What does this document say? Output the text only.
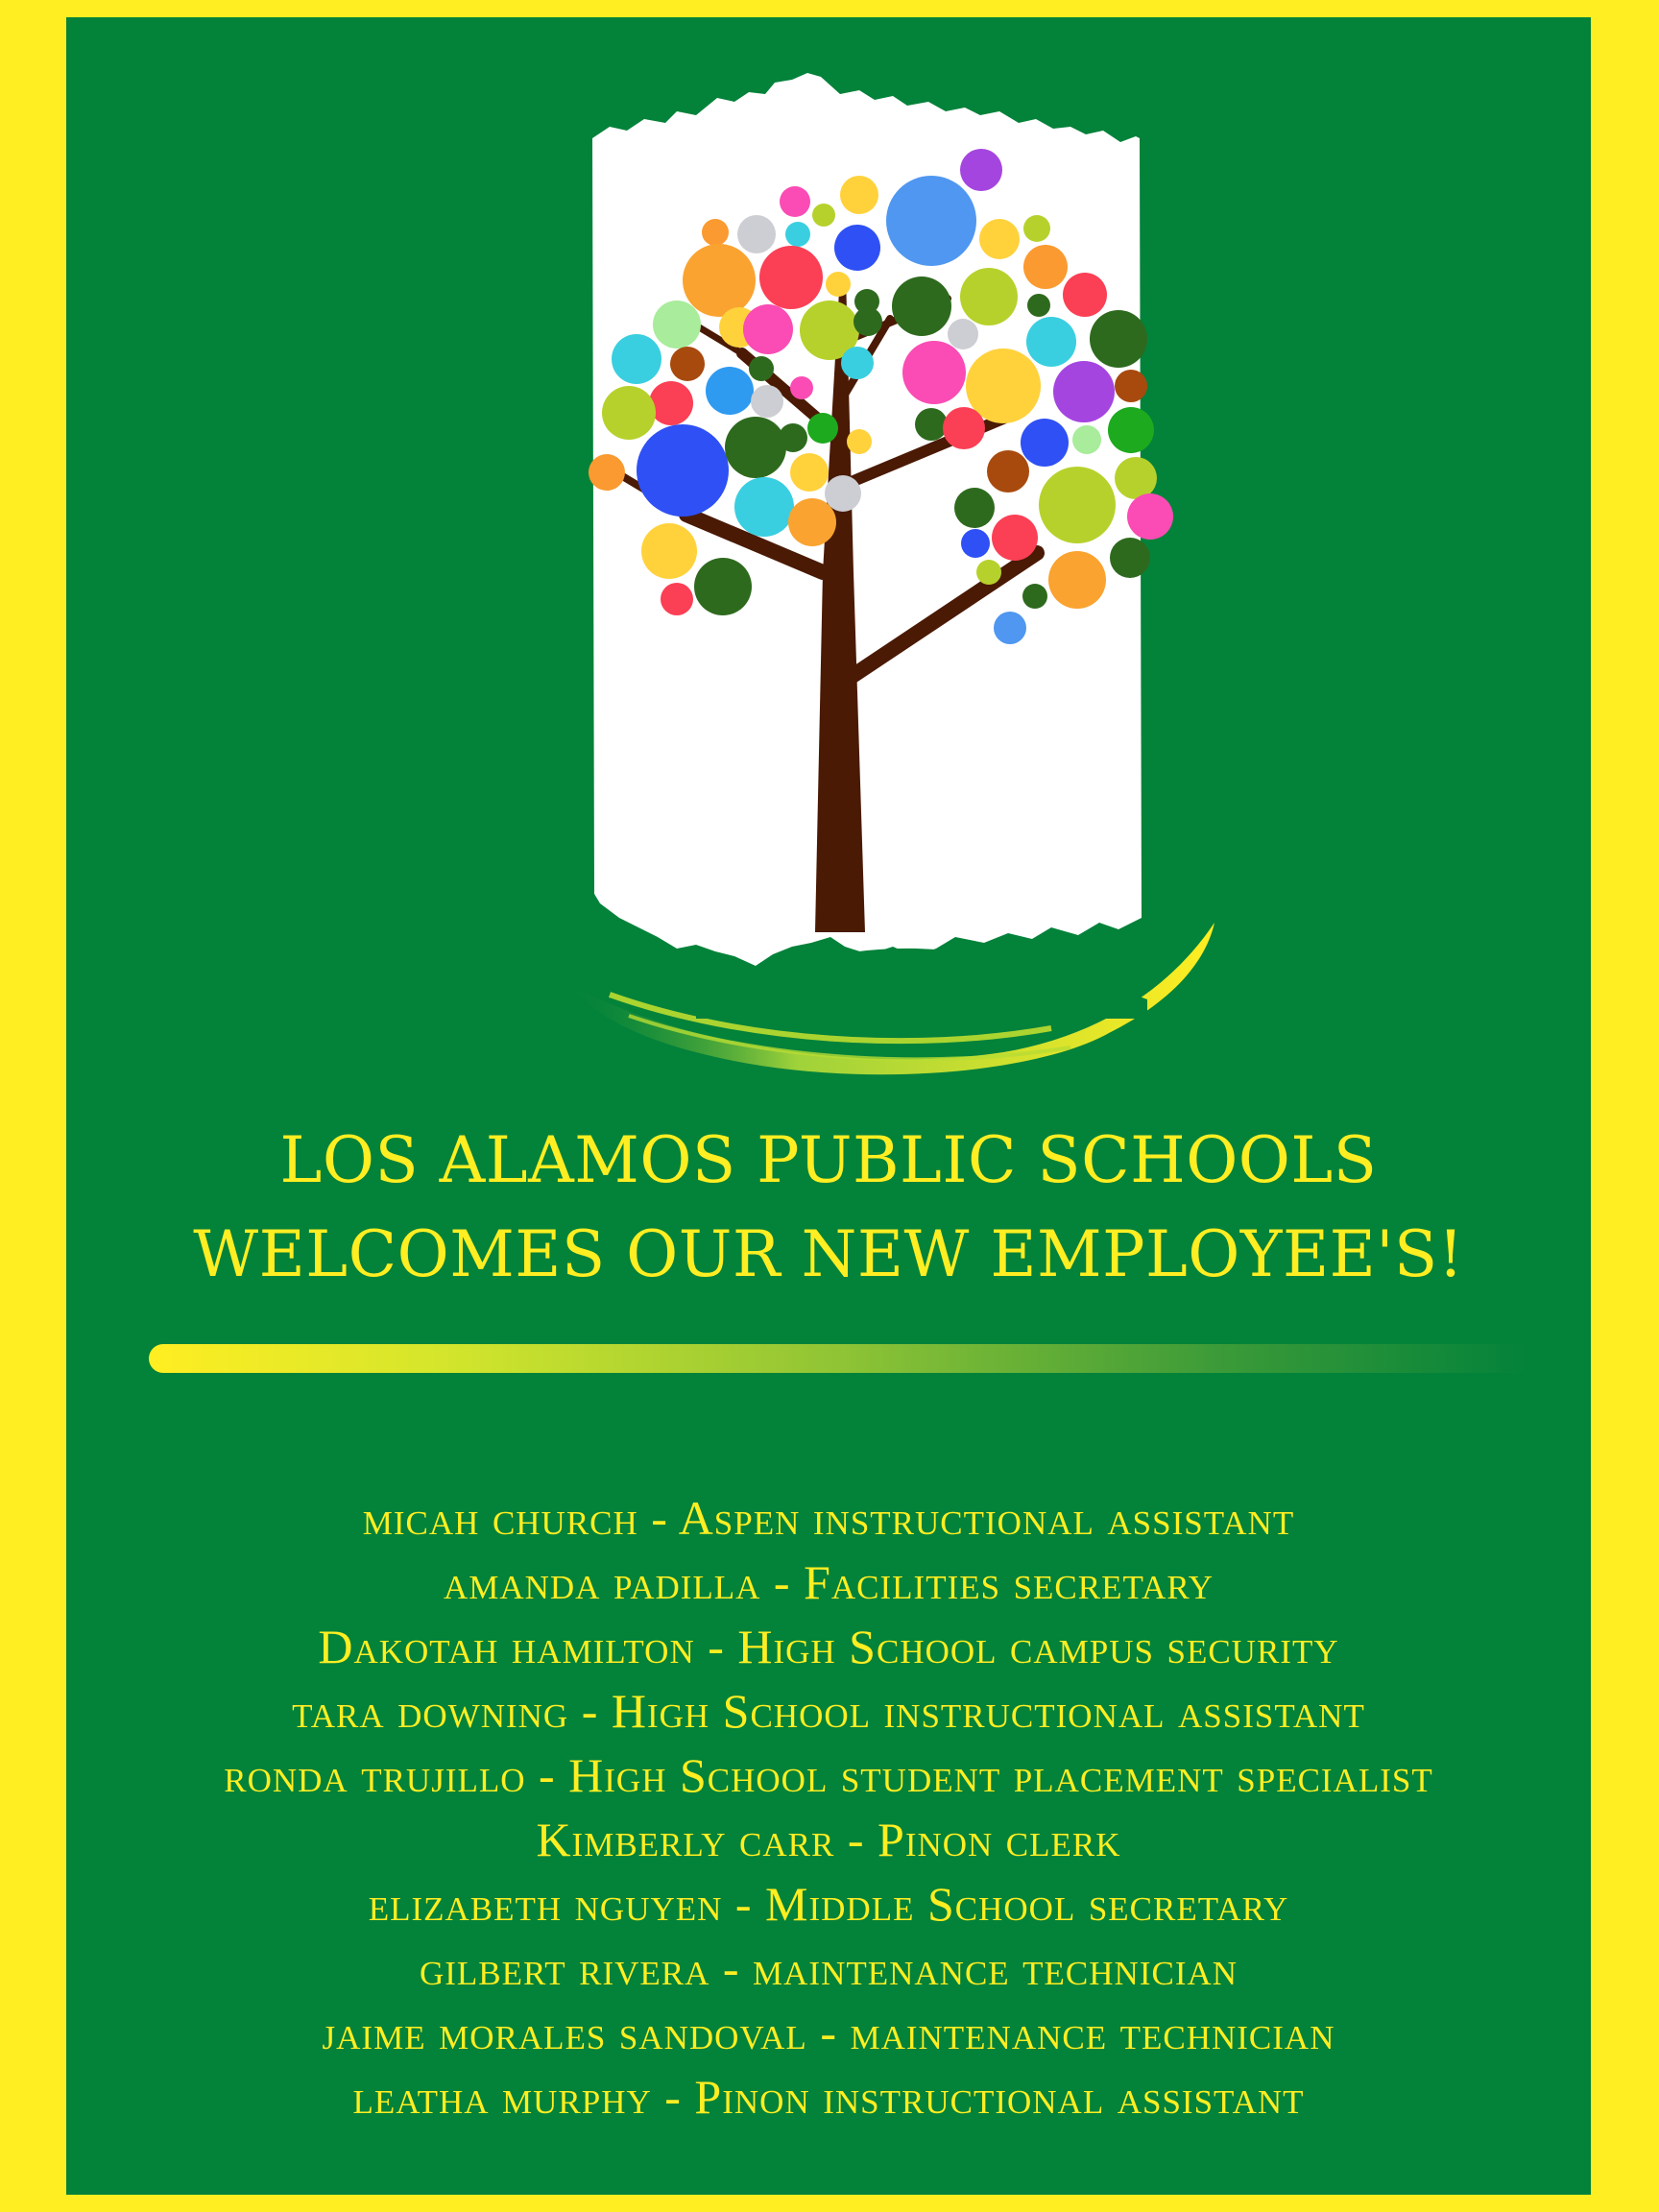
LOS ALAMOS PUBLIC SCHOOLS
WELCOMES OUR NEW EMPLOYEE'S!
micah church - Aspen instructional assistant
amanda padilla - Facilities secretary
Dakotah hamilton - High School campus security
tara downing - High School instructional assistant
ronda trujillo - High School student placement specialist
Kimberly carr - Pinon clerk
elizabeth nguyen - Middle School secretary
gilbert rivera - maintenance technician
jaime morales sandoval - maintenance technician
leatha murphy - Pinon instructional assistant
